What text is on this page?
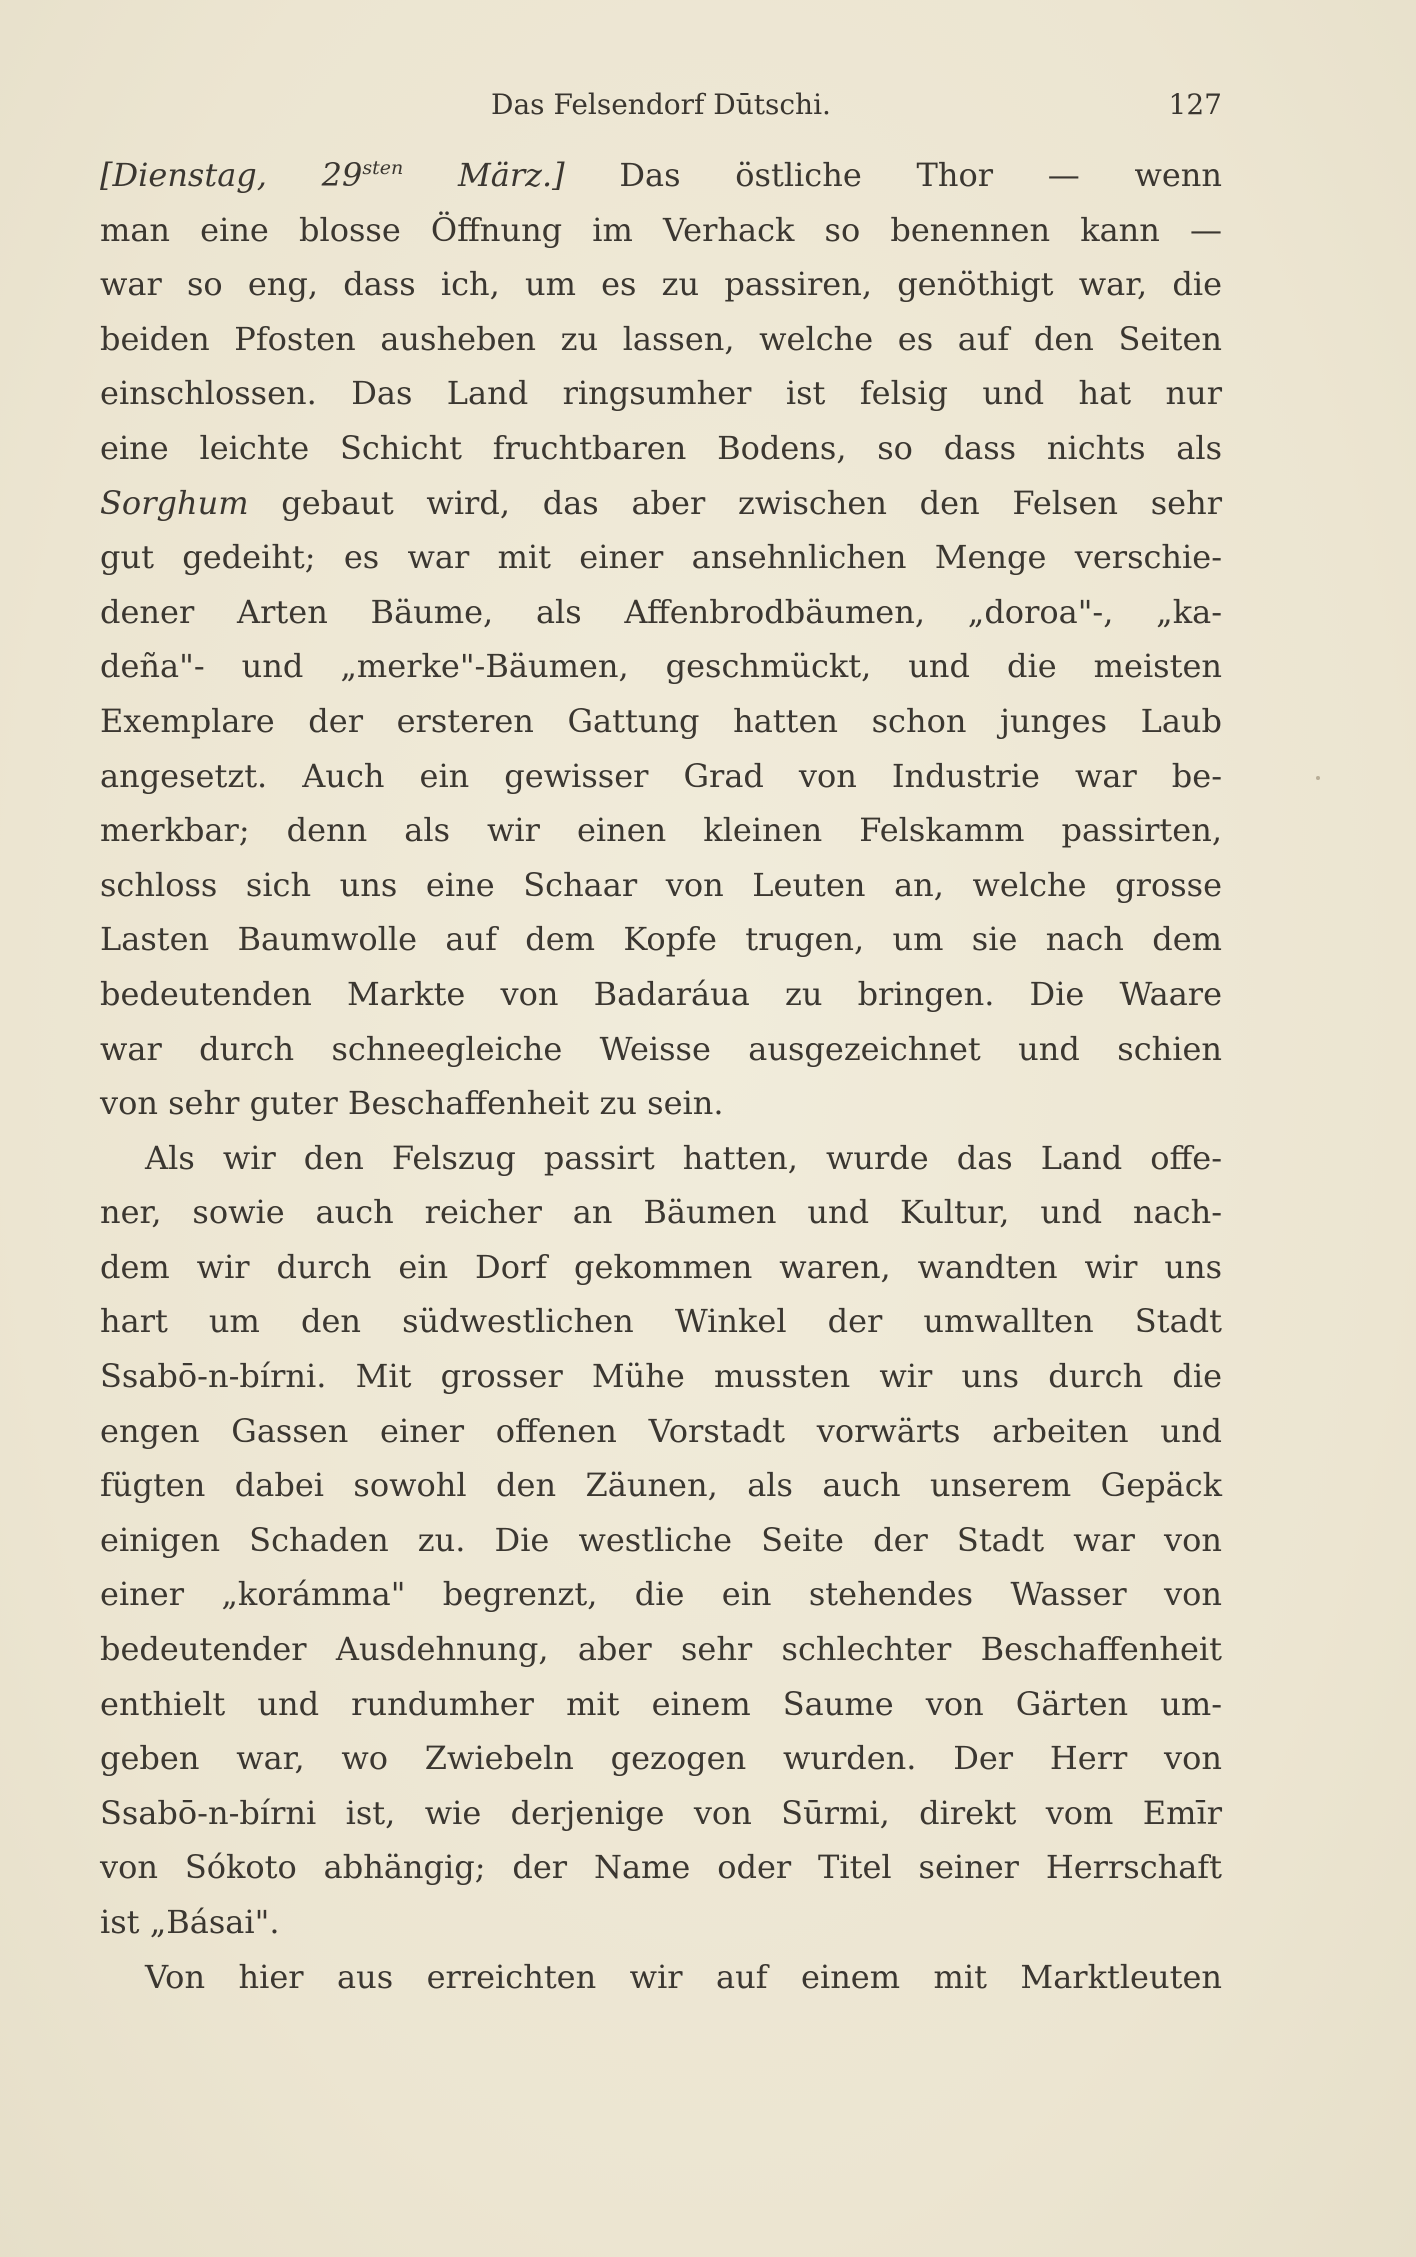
Das Felsendorf Dūtschi.	127
[Dienstag, $29^{sten}$ März.] Das östliche Thor — wenn
man eine blosse Öffnung im Verhack so benennen kann —
war so eng, dass ich, um es zu passiren, genöthigt war, die
beiden Pfosten ausheben zu lassen, welche es auf den Seiten
einschlossen. Das Land ringsumher ist felsig und hat nur
eine leichte Schicht fruchtbaren Bodens, so dass nichts als
Sorghum gebaut wird, das aber zwischen den Felsen sehr
gut gedeiht; es war mit einer ansehnlichen Menge verschie-
dener Arten Bäume, als Affenbrodbäumen, „doroa"-, „ka-
deña"- und „merke"-Bäumen, geschmückt, und die meisten
Exemplare der ersteren Gattung hatten schon junges Laub
angesetzt. Auch ein gewisser Grad von Industrie war be-
merkbar; denn als wir einen kleinen Felskamm passirten,
schloss sich uns eine Schaar von Leuten an, welche grosse
Lasten Baumwolle auf dem Kopfe trugen, um sie nach dem
bedeutenden Markte von Badaráua zu bringen. Die Waare
war durch schneegleiche Weisse ausgezeichnet und schien
von sehr guter Beschaffenheit zu sein.
Als wir den Felszug passirt hatten, wurde das Land offe-
ner, sowie auch reicher an Bäumen und Kultur, und nach-
dem wir durch ein Dorf gekommen waren, wandten wir uns
hart um den südwestlichen Winkel der umwallten Stadt
Ssabō-n-bírni. Mit grosser Mühe mussten wir uns durch die
engen Gassen einer offenen Vorstadt vorwärts arbeiten und
fügten dabei sowohl den Zäunen, als auch unserem Gepäck
einigen Schaden zu. Die westliche Seite der Stadt war von
einer „korámma" begrenzt, die ein stehendes Wasser von
bedeutender Ausdehnung, aber sehr schlechter Beschaffenheit
enthielt und rundumher mit einem Saume von Gärten um-
geben war, wo Zwiebeln gezogen wurden. Der Herr von
Ssabō-n-bírni ist, wie derjenige von Sūrmi, direkt vom Emīr
von Sókoto abhängig; der Name oder Titel seiner Herrschaft
ist „Básai".
Von hier aus erreichten wir auf einem mit Marktleuten
